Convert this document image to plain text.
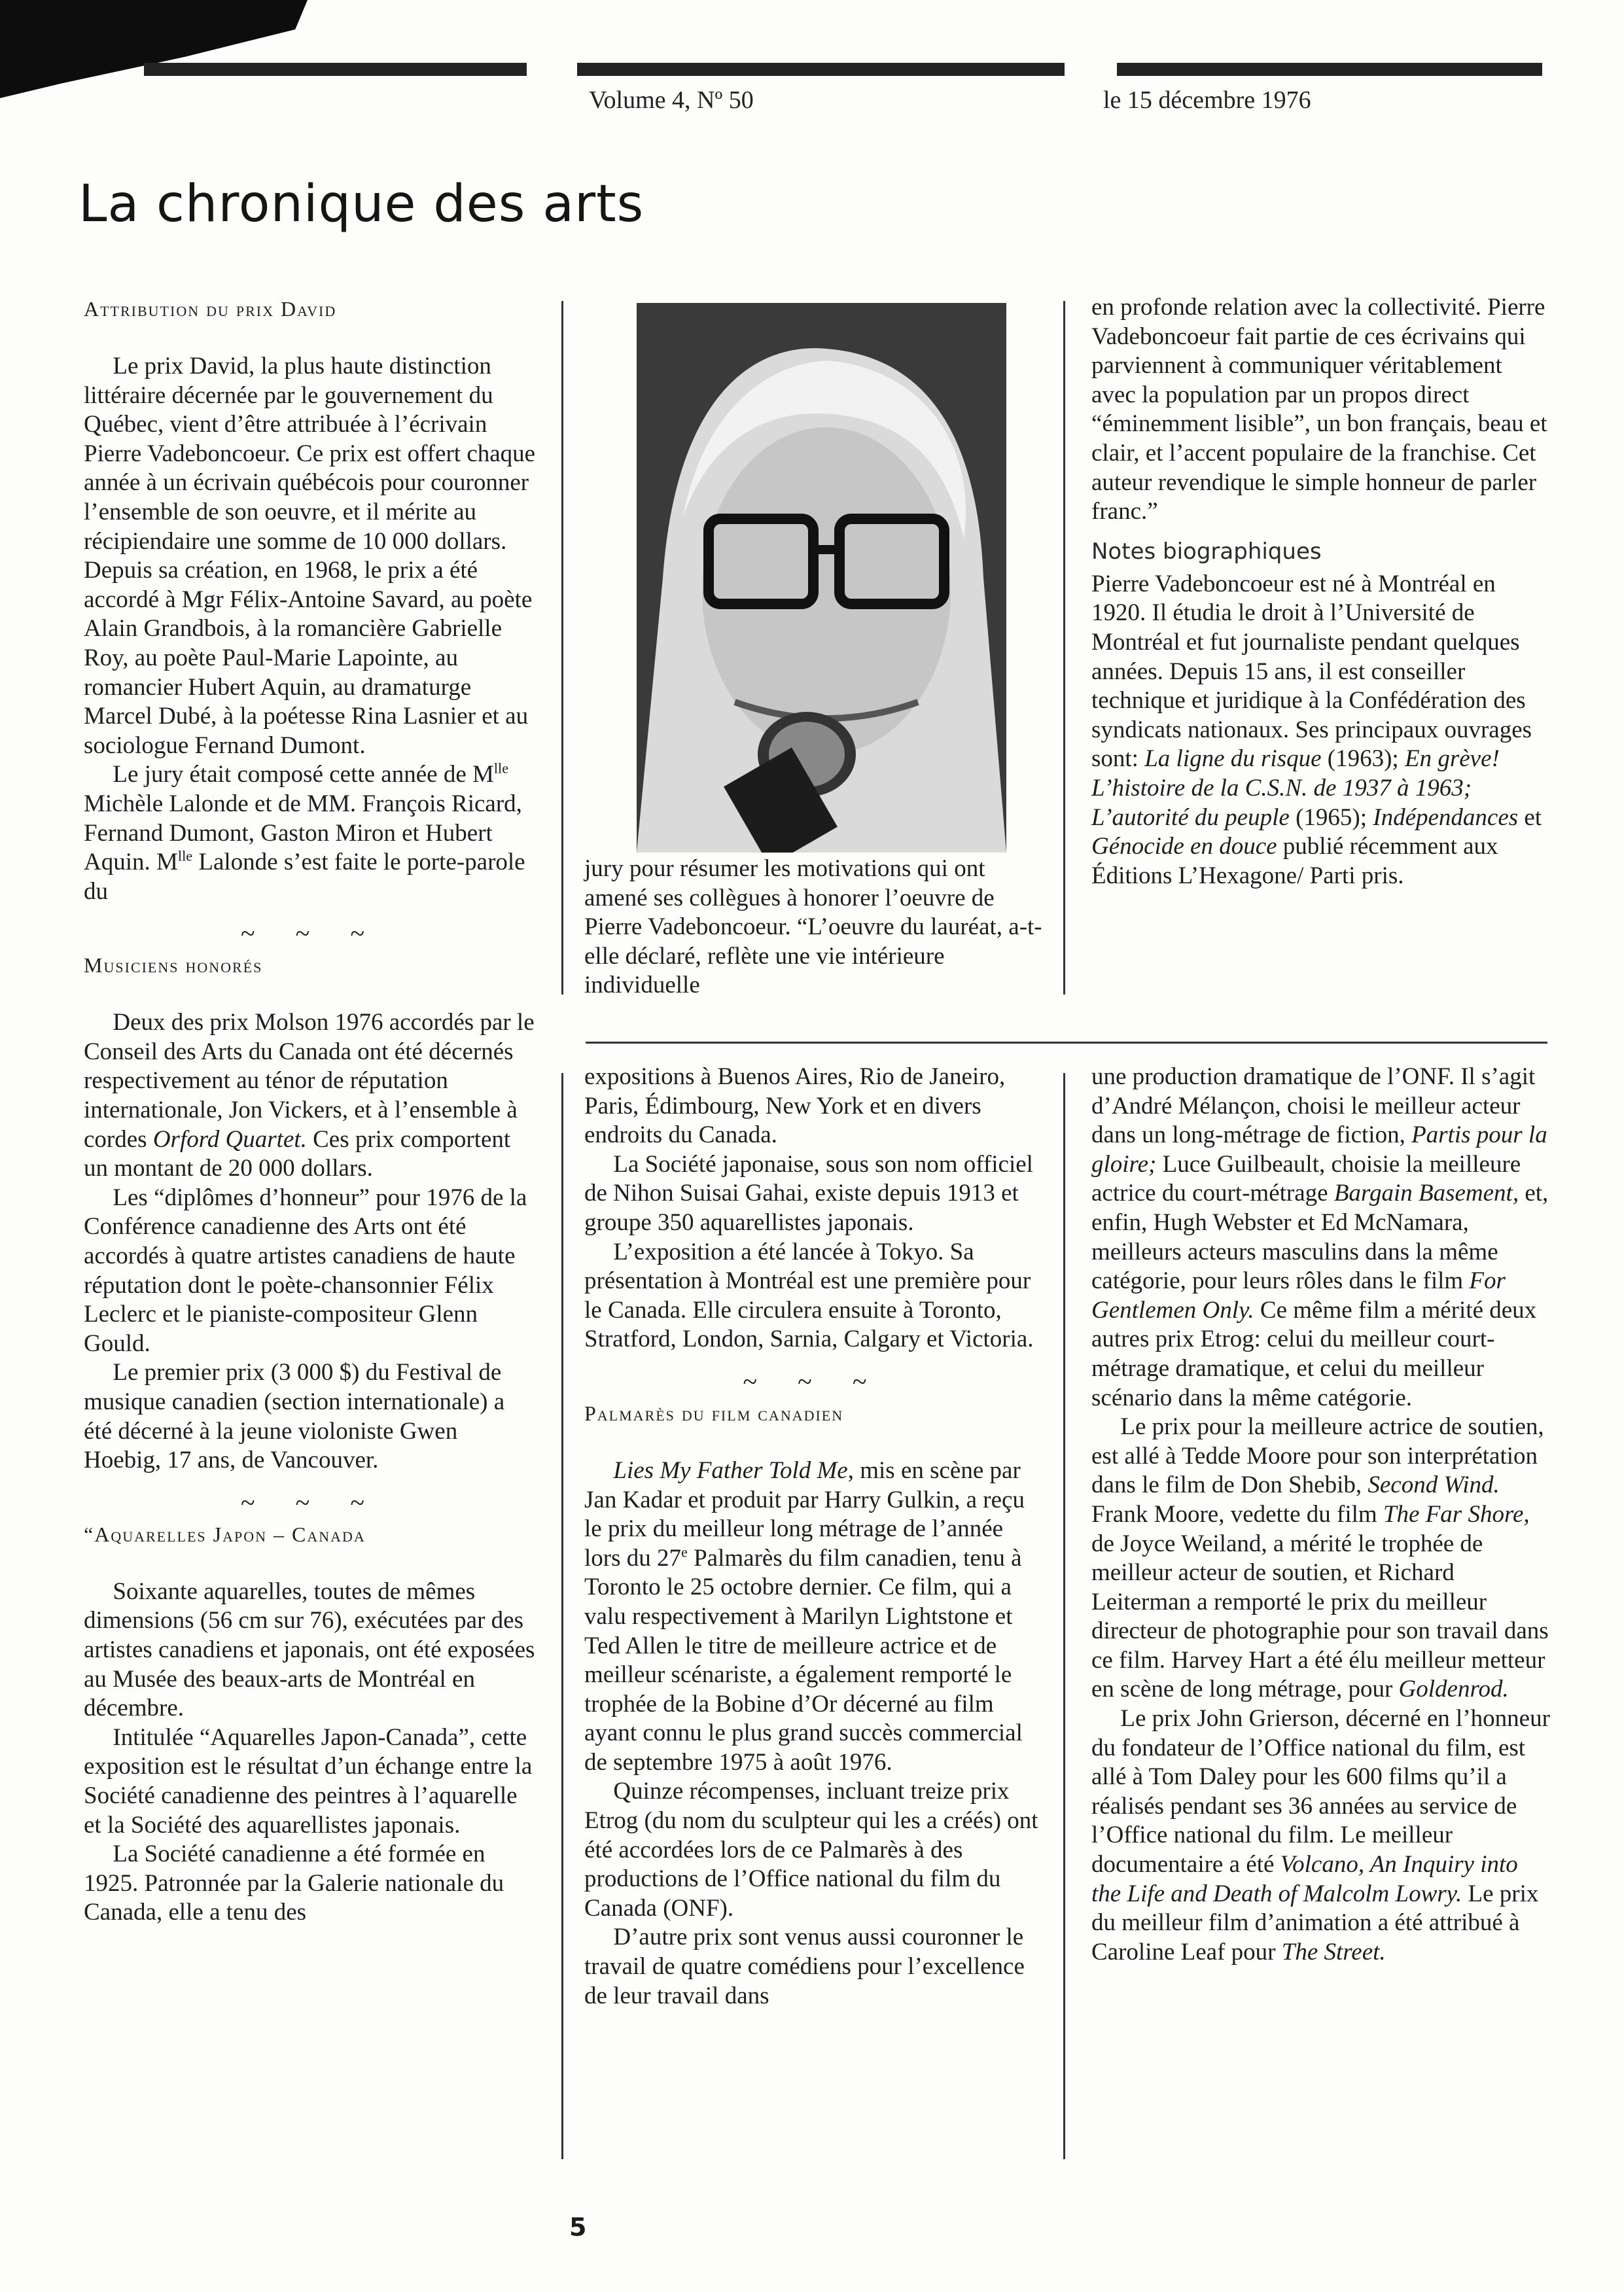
Volume 4, Nº 50	le 15 décembre 1976
La chronique des arts
Attribution du prix David

Le prix David, la plus haute distinction littéraire décernée par le gouvernement du Québec, vient d’être attribuée à l’écrivain Pierre Vadeboncoeur. Ce prix est offert chaque année à un écrivain québécois pour couronner l’ensemble de son oeuvre, et il mérite au récipiendaire une somme de 10 000 dollars. Depuis sa création, en 1968, le prix a été accordé à Mgr Félix-Antoine Savard, au poète Alain Grandbois, à la romancière Gabrielle Roy, au poète Paul-Marie Lapointe, au romancier Hubert Aquin, au dramaturge Marcel Dubé, à la poétesse Rina Lasnier et au sociologue Fernand Dumont.

Le jury était composé cette année de $M^{lle}$ Michèle Lalonde et de MM. François Ricard, Fernand Dumont, Gaston Miron et Hubert Aquin. $M^{lle}$ Lalonde s’est faite le porte-parole du

~ ~ ~
Musiciens honorés

Deux des prix Molson 1976 accordés par le Conseil des Arts du Canada ont été décernés respectivement au ténor de réputation internationale, Jon Vickers, et à l’ensemble à cordes Orford Quartet. Ces prix comportent un montant de 20 000 dollars.

Les “diplômes d’honneur” pour 1976 de la Conférence canadienne des Arts ont été accordés à quatre artistes canadiens de haute réputation dont le poète-chansonnier Félix Leclerc et le pianiste-compositeur Glenn Gould.

Le premier prix (3 000 $) du Festival de musique canadien (section internationale) a été décerné à la jeune violoniste Gwen Hoebig, 17 ans, de Vancouver.

~ ~ ~
“Aquarelles Japon – Canada

Soixante aquarelles, toutes de mêmes dimensions (56 cm sur 76), exécutées par des artistes canadiens et japonais, ont été exposées au Musée des beaux-arts de Montréal en décembre.

Intitulée “Aquarelles Japon-Canada”, cette exposition est le résultat d’un échange entre la Société canadienne des peintres à l’aquarelle et la Société des aquarellistes japonais.

La Société canadienne a été formée en 1925. Patronnée par la Galerie nationale du Canada, elle a tenu des

jury pour résumer les motivations qui ont amené ses collègues à honorer l’oeuvre de Pierre Vadeboncoeur. “L’oeuvre du lauréat, a-t-elle déclaré, reflète une vie intérieure individuelle

expositions à Buenos Aires, Rio de Janeiro, Paris, Édimbourg, New York et en divers endroits du Canada.

La Société japonaise, sous son nom officiel de Nihon Suisai Gahai, existe depuis 1913 et groupe 350 aquarellistes japonais.

L’exposition a été lancée à Tokyo. Sa présentation à Montréal est une première pour le Canada. Elle circulera ensuite à Toronto, Stratford, London, Sarnia, Calgary et Victoria.

~ ~ ~
Palmarès du film canadien

Lies My Father Told Me, mis en scène par Jan Kadar et produit par Harry Gulkin, a reçu le prix du meilleur long métrage de l’année lors du 27e Palmarès du film canadien, tenu à Toronto le 25 octobre dernier. Ce film, qui a valu respectivement à Marilyn Lightstone et Ted Allen le titre de meilleure actrice et de meilleur scénariste, a également remporté le trophée de la Bobine d’Or décerné au film ayant connu le plus grand succès commercial de septembre 1975 à août 1976.

Quinze récompenses, incluant treize prix Etrog (du nom du sculpteur qui les a créés) ont été accordées lors de ce Palmarès à des productions de l’Office national du film du Canada (ONF).

D’autre prix sont venus aussi couronner le travail de quatre comédiens pour l’excellence de leur travail dans

en profonde relation avec la collectivité. Pierre Vadeboncoeur fait partie de ces écrivains qui parviennent à communiquer véritablement avec la population par un propos direct “éminemment lisible”, un bon français, beau et clair, et l’accent populaire de la franchise. Cet auteur revendique le simple honneur de parler franc.”

Notes biographiques

Pierre Vadeboncoeur est né à Montréal en 1920. Il étudia le droit à l’Université de Montréal et fut journaliste pendant quelques années. Depuis 15 ans, il est conseiller technique et juridique à la Confédération des syndicats nationaux. Ses principaux ouvrages sont: La ligne du risque (1963); En grève! L’histoire de la C.S.N. de 1937 à 1963; L’autorité du peuple (1965); Indépendances et Génocide en douce publié récemment aux Éditions L’Hexagone/ Parti pris.

une production dramatique de l’ONF. Il s’agit d’André Mélançon, choisi le meilleur acteur dans un long-métrage de fiction, Partis pour la gloire; Luce Guilbeault, choisie la meilleure actrice du court-métrage Bargain Basement, et, enfin, Hugh Webster et Ed McNamara, meilleurs acteurs masculins dans la même catégorie, pour leurs rôles dans le film For Gentlemen Only. Ce même film a mérité deux autres prix Etrog: celui du meilleur court-métrage dramatique, et celui du meilleur scénario dans la même catégorie.

Le prix pour la meilleure actrice de soutien, est allé à Tedde Moore pour son interprétation dans le film de Don Shebib, Second Wind. Frank Moore, vedette du film The Far Shore, de Joyce Weiland, a mérité le trophée de meilleur acteur de soutien, et Richard Leiterman a remporté le prix du meilleur directeur de photographie pour son travail dans ce film. Harvey Hart a été élu meilleur metteur en scène de long métrage, pour Goldenrod.

Le prix John Grierson, décerné en l’honneur du fondateur de l’Office national du film, est allé à Tom Daley pour les 600 films qu’il a réalisés pendant ses 36 années au service de l’Office national du film. Le meilleur documentaire a été Volcano, An Inquiry into the Life and Death of Malcolm Lowry. Le prix du meilleur film d’animation a été attribué à Caroline Leaf pour The Street.

5
